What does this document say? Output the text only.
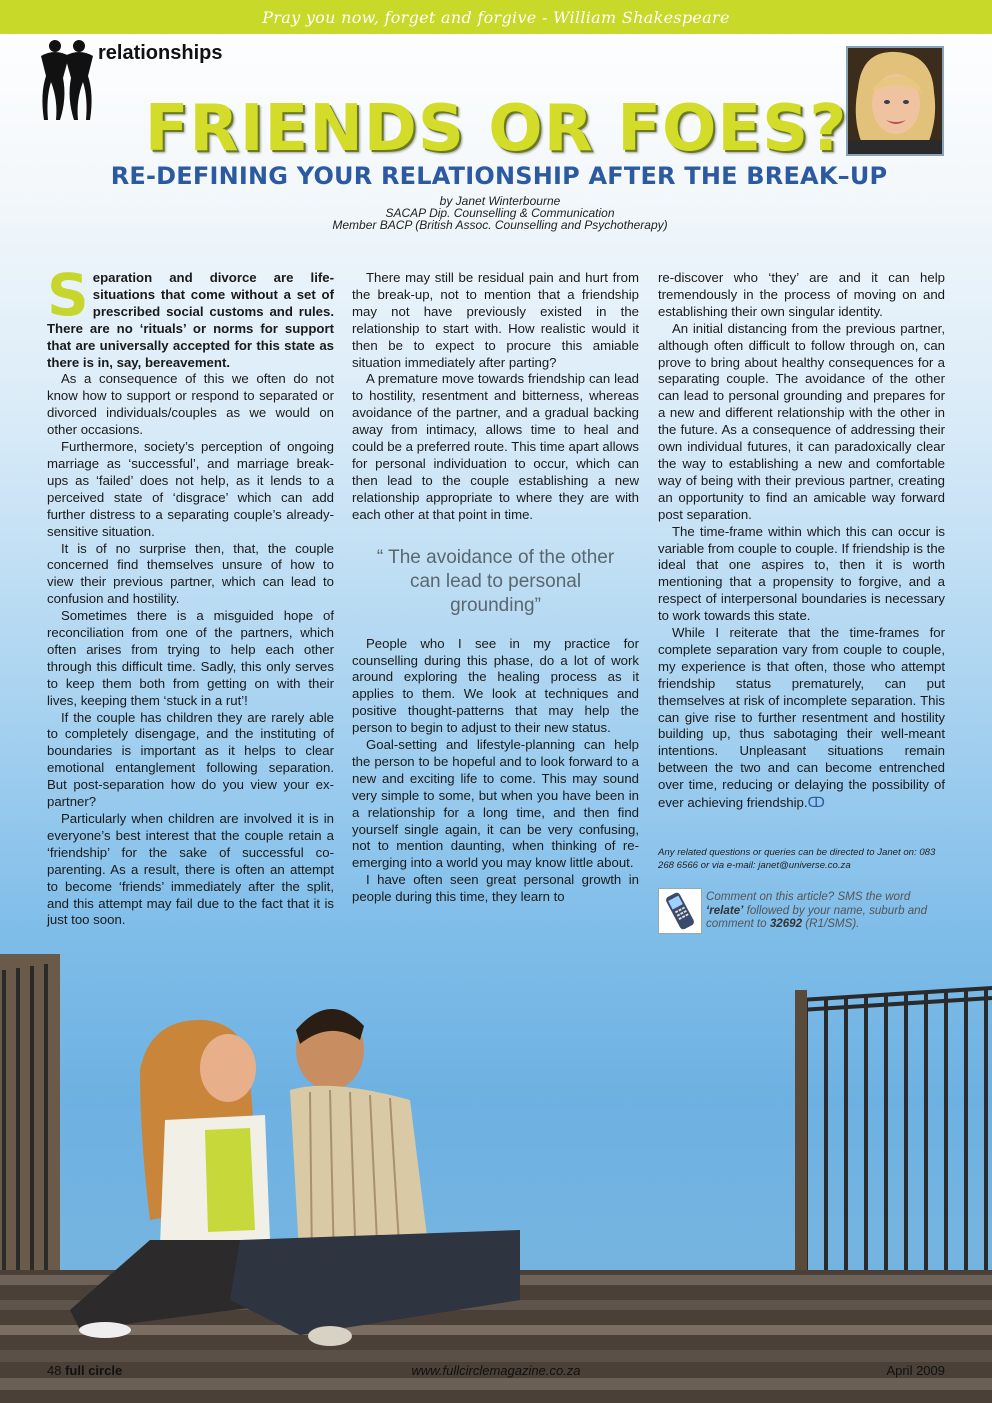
Pray you now, forget and forgive - William Shakespeare
relationships
FRIENDS OR FOES?
RE-DEFINING YOUR RELATIONSHIP AFTER THE BREAK–UP
by Janet Winterbourne
SACAP Dip. Counselling & Communication
Member BACP (British Assoc. Counselling and Psychotherapy)

Separation and divorce are life-situations that come without a set of prescribed social customs and rules. There are no ‘rituals’ or norms for support that are universally accepted for this state as there is in, say, bereavement.

As a consequence of this we often do not know how to support or respond to separated or divorced individuals/couples as we would on other occasions.

Furthermore, society’s perception of ongoing marriage as ‘successful’, and marriage break-ups as ‘failed’ does not help, as it lends to a perceived state of ‘disgrace’ which can add further distress to a separating couple’s already-sensitive situation.

It is of no surprise then, that, the couple concerned find themselves unsure of how to view their previous partner, which can lead to confusion and hostility.

Sometimes there is a misguided hope of reconciliation from one of the partners, which often arises from trying to help each other through this difficult time. Sadly, this only serves to keep them both from getting on with their lives, keeping them ‘stuck in a rut’!

If the couple has children they are rarely able to completely disengage, and the instituting of boundaries is important as it helps to clear emotional entanglement following separation. But post-separation how do you view your ex-partner?

Particularly when children are involved it is in everyone’s best interest that the couple retain a ‘friendship’ for the sake of successful co-parenting. As a result, there is often an attempt to become ‘friends’ immediately after the split, and this attempt may fail due to the fact that it is just too soon.

There may still be residual pain and hurt from the break-up, not to mention that a friendship may not have previously existed in the relationship to start with. How realistic would it then be to expect to procure this amiable situation immediately after parting?

A premature move towards friendship can lead to hostility, resentment and bitterness, whereas avoidance of the partner, and a gradual backing away from intimacy, allows time to heal and could be a preferred route. This time apart allows for personal individuation to occur, which can then lead to the couple establishing a new relationship appropriate to where they are with each other at that point in time.

“ The avoidance of the other can lead to personal grounding”

People who I see in my practice for counselling during this phase, do a lot of work around exploring the healing process as it applies to them. We look at techniques and positive thought-patterns that may help the person to begin to adjust to their new status.

Goal-setting and lifestyle-planning can help the person to be hopeful and to look forward to a new and exciting life to come. This may sound very simple to some, but when you have been in a relationship for a long time, and then find yourself single again, it can be very confusing, not to mention daunting, when thinking of re-emerging into a world you may know little about.

I have often seen great personal growth in people during this time, they learn to

re-discover who ‘they’ are and it can help tremendously in the process of moving on and establishing their own singular identity.

An initial distancing from the previous partner, although often difficult to follow through on, can prove to bring about healthy consequences for a separating couple. The avoidance of the other can lead to personal grounding and prepares for a new and different relationship with the other in the future. As a consequence of addressing their own individual futures, it can paradoxically clear the way to establishing a new and comfortable way of being with their previous partner, creating an opportunity to find an amicable way forward post separation.

The time-frame within which this can occur is variable from couple to couple. If friendship is the ideal that one aspires to, then it is worth mentioning that a propensity to forgive, and a respect of interpersonal boundaries is necessary to work towards this state.

While I reiterate that the time-frames for complete separation vary from couple to couple, my experience is that often, those who attempt friendship status prematurely, can put themselves at risk of incomplete separation. This can give rise to further resentment and hostility building up, thus sabotaging their well-meant intentions. Unpleasant situations remain between the two and can become entrenched over time, reducing or delaying the possibility of ever achieving friendship.ↀ

Any related questions or queries can be directed to Janet on: 083 268 6566 or via e-mail: janet@universe.co.za
Comment on this article? SMS the word ‘relate’ followed by your name, suburb and comment to 32692 (R1/SMS).
48 full circle	www.fullcirclemagazine.co.za	April 2009
